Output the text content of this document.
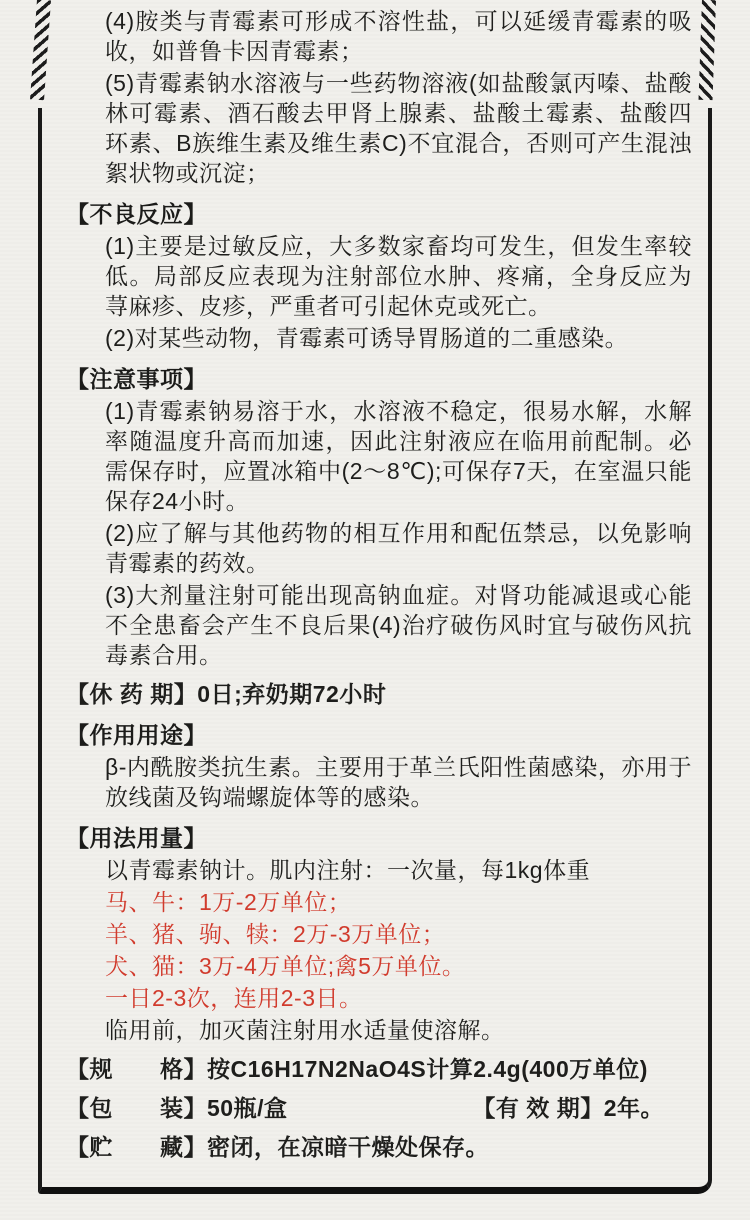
(4)胺类与青霉素可形成不溶性盐，可以延缓青霉素的吸收，如普鲁卡因青霉素；
(5)青霉素钠水溶液与一些药物溶液(如盐酸氯丙嗪、盐酸林可霉素、酒石酸去甲肾上腺素、盐酸土霉素、盐酸四环素、B族维生素及维生素C)不宜混合，否则可产生混浊絮状物或沉淀；
【不良反应】
(1)主要是过敏反应，大多数家畜均可发生，但发生率较低。局部反应表现为注射部位水肿、疼痛，全身反应为荨麻疹、皮疹，严重者可引起休克或死亡。
(2)对某些动物，青霉素可诱导胃肠道的二重感染。
【注意事项】
(1)青霉素钠易溶于水，水溶液不稳定，很易水解，水解率随温度升高而加速，因此注射液应在临用前配制。必需保存时，应置冰箱中(2～8℃);可保存7天，在室温只能保存24小时。
(2)应了解与其他药物的相互作用和配伍禁忌，以免影响青霉素的药效。
(3)大剂量注射可能出现高钠血症。对肾功能减退或心能不全患畜会产生不良后果(4)治疗破伤风时宜与破伤风抗毒素合用。
【休 药 期】0日;弃奶期72小时
【作用用途】
β-内酰胺类抗生素。主要用于革兰氏阳性菌感染，亦用于放线菌及钩端螺旋体等的感染。
【用法用量】
以青霉素钠计。肌内注射：一次量，每1kg体重
马、牛：1万-2万单位；
羊、猪、驹、犊：2万-3万单位；
犬、猫：3万-4万单位;禽5万单位。
一日2-3次，连用2-3日。
临用前，加灭菌注射用水适量使溶解。
【规　　格】按C16H17N2NaO4S计算2.4g(400万单位)
【包　　装】50瓶/盒	【有 效 期】2年。
【贮　　藏】密闭，在凉暗干燥处保存。
